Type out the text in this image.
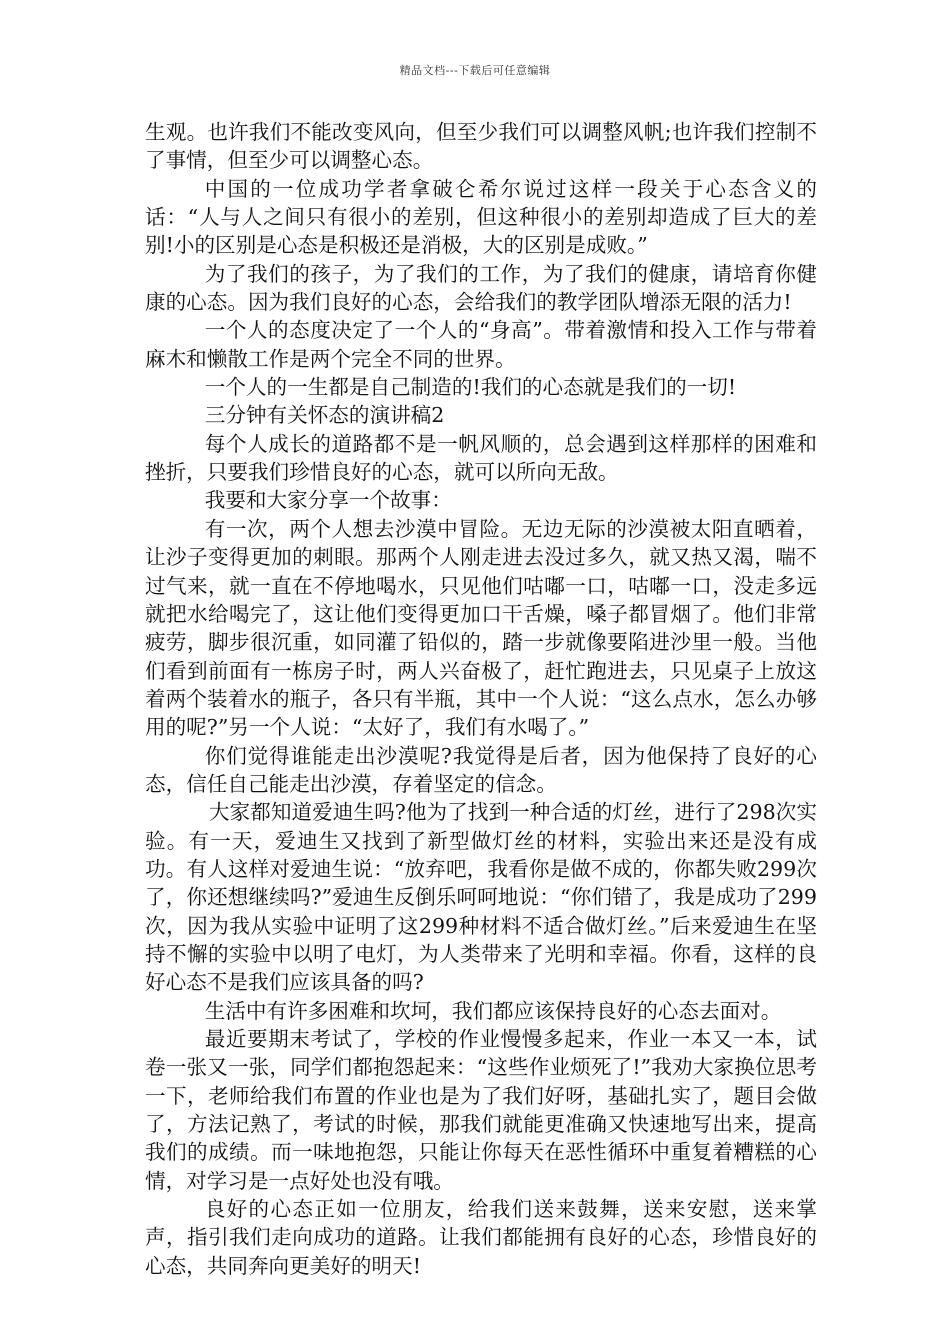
精品文档---下载后可任意编辑

生观。也许我们不能改变风向，但至少我们可以调整风帆;也许我们控制不了事情，但至少可以调整心态。

中国的一位成功学者拿破仑希尔说过这样一段关于心态含义的话：“人与人之间只有很小的差别，但这种很小的差别却造成了巨大的差别!小的区别是心态是积极还是消极，大的区别是成败。”

为了我们的孩子，为了我们的工作，为了我们的健康，请培育你健康的心态。因为我们良好的心态，会给我们的教学团队增添无限的活力!

一个人的态度决定了一个人的“身高”。带着激情和投入工作与带着麻木和懒散工作是两个完全不同的世界。

一个人的一生都是自己制造的!我们的心态就是我们的一切!

三分钟有关怀态的演讲稿2

每个人成长的道路都不是一帆风顺的，总会遇到这样那样的困难和挫折，只要我们珍惜良好的心态，就可以所向无敌。

我要和大家分享一个故事：

有一次，两个人想去沙漠中冒险。无边无际的沙漠被太阳直晒着，让沙子变得更加的刺眼。那两个人刚走进去没过多久，就又热又渴，喘不过气来，就一直在不停地喝水，只见他们咕嘟一口，咕嘟一口，没走多远就把水给喝完了，这让他们变得更加口干舌燥，嗓子都冒烟了。他们非常疲劳，脚步很沉重，如同灌了铅似的，踏一步就像要陷进沙里一般。当他们看到前面有一栋房子时，两人兴奋极了，赶忙跑进去，只见桌子上放这着两个装着水的瓶子，各只有半瓶，其中一个人说：“这么点水，怎么办够用的呢?”另一个人说：“太好了，我们有水喝了。”

你们觉得谁能走出沙漠呢?我觉得是后者，因为他保持了良好的心态，信任自己能走出沙漠，存着坚定的信念。

大家都知道爱迪生吗?他为了找到一种合适的灯丝，进行了298次实验。有一天，爱迪生又找到了新型做灯丝的材料，实验出来还是没有成功。有人这样对爱迪生说：“放弃吧，我看你是做不成的，你都失败299次了，你还想继续吗?”爱迪生反倒乐呵呵地说：“你们错了，我是成功了299次，因为我从实验中证明了这299种材料不适合做灯丝。”后来爱迪生在坚持不懈的实验中以明了电灯，为人类带来了光明和幸福。你看，这样的良好心态不是我们应该具备的吗?

生活中有许多困难和坎坷，我们都应该保持良好的心态去面对。

最近要期末考试了，学校的作业慢慢多起来，作业一本又一本，试卷一张又一张，同学们都抱怨起来：“这些作业烦死了!”我劝大家换位思考一下，老师给我们布置的作业也是为了我们好呀，基础扎实了，题目会做了，方法记熟了，考试的时候，那我们就能更准确又快速地写出来，提高我们的成绩。而一味地抱怨，只能让你每天在恶性循环中重复着糟糕的心情，对学习是一点好处也没有哦。

良好的心态正如一位朋友，给我们送来鼓舞，送来安慰，送来掌声，指引我们走向成功的道路。让我们都能拥有良好的心态，珍惜良好的心态，共同奔向更美好的明天!
